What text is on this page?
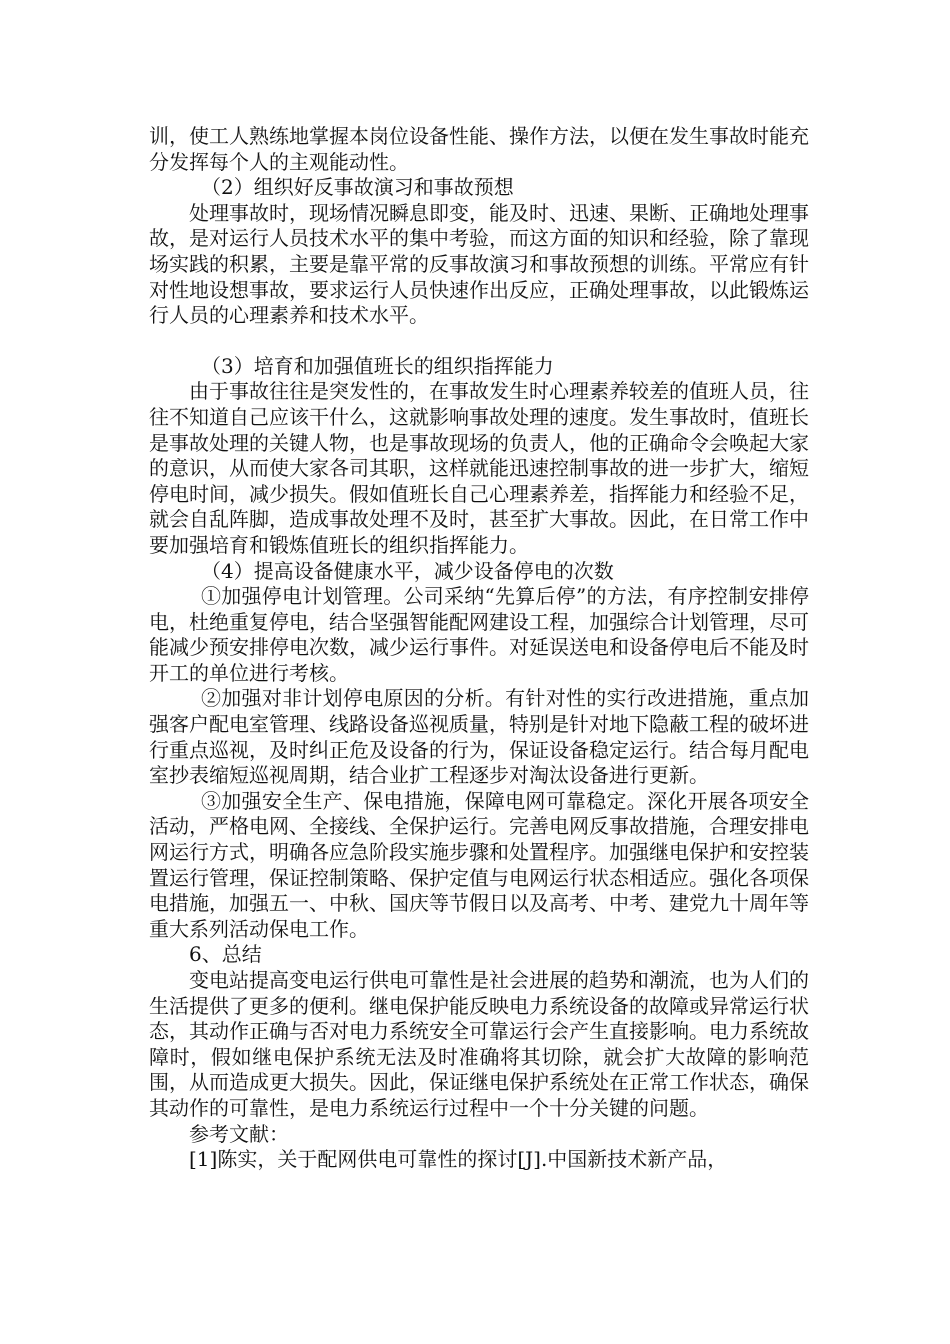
训，使工人熟练地掌握本岗位设备性能、操作方法，以便在发生事故时能充分发挥每个人的主观能动性。

（2）组织好反事故演习和事故预想

处理事故时，现场情况瞬息即变，能及时、迅速、果断、正确地处理事故，是对运行人员技术水平的集中考验，而这方面的知识和经验，除了靠现场实践的积累，主要是靠平常的反事故演习和事故预想的训练。平常应有针对性地设想事故，要求运行人员快速作出反应，正确处理事故，以此锻炼运行人员的心理素养和技术水平。

（3）培育和加强值班长的组织指挥能力

由于事故往往是突发性的，在事故发生时心理素养较差的值班人员，往往不知道自己应该干什么，这就影响事故处理的速度。发生事故时，值班长是事故处理的关键人物，也是事故现场的负责人，他的正确命令会唤起大家的意识，从而使大家各司其职，这样就能迅速控制事故的进一步扩大，缩短停电时间，减少损失。假如值班长自己心理素养差，指挥能力和经验不足，就会自乱阵脚，造成事故处理不及时，甚至扩大事故。因此，在日常工作中要加强培育和锻炼值班长的组织指挥能力。

（4）提高设备健康水平，减少设备停电的次数

①加强停电计划管理。公司采纳“先算后停”的方法，有序控制安排停电，杜绝重复停电，结合坚强智能配网建设工程，加强综合计划管理，尽可能减少预安排停电次数，减少运行事件。对延误送电和设备停电后不能及时开工的单位进行考核。

②加强对非计划停电原因的分析。有针对性的实行改进措施，重点加强客户配电室管理、线路设备巡视质量，特别是针对地下隐蔽工程的破坏进行重点巡视，及时纠正危及设备的行为，保证设备稳定运行。结合每月配电室抄表缩短巡视周期，结合业扩工程逐步对淘汰设备进行更新。

③加强安全生产、保电措施，保障电网可靠稳定。深化开展各项安全活动，严格电网、全接线、全保护运行。完善电网反事故措施，合理安排电网运行方式，明确各应急阶段实施步骤和处置程序。加强继电保护和安控装置运行管理，保证控制策略、保护定值与电网运行状态相适应。强化各项保电措施，加强五一、中秋、国庆等节假日以及高考、中考、建党九十周年等重大系列活动保电工作。

6、总结

变电站提高变电运行供电可靠性是社会进展的趋势和潮流，也为人们的生活提供了更多的便利。继电保护能反映电力系统设备的故障或异常运行状态，其动作正确与否对电力系统安全可靠运行会产生直接影响。电力系统故障时，假如继电保护系统无法及时准确将其切除，就会扩大故障的影响范围，从而造成更大损失。因此，保证继电保护系统处在正常工作状态，确保其动作的可靠性，是电力系统运行过程中一个十分关键的问题。

参考文献：

[1]陈实，关于配网供电可靠性的探讨[J].中国新技术新产品，
